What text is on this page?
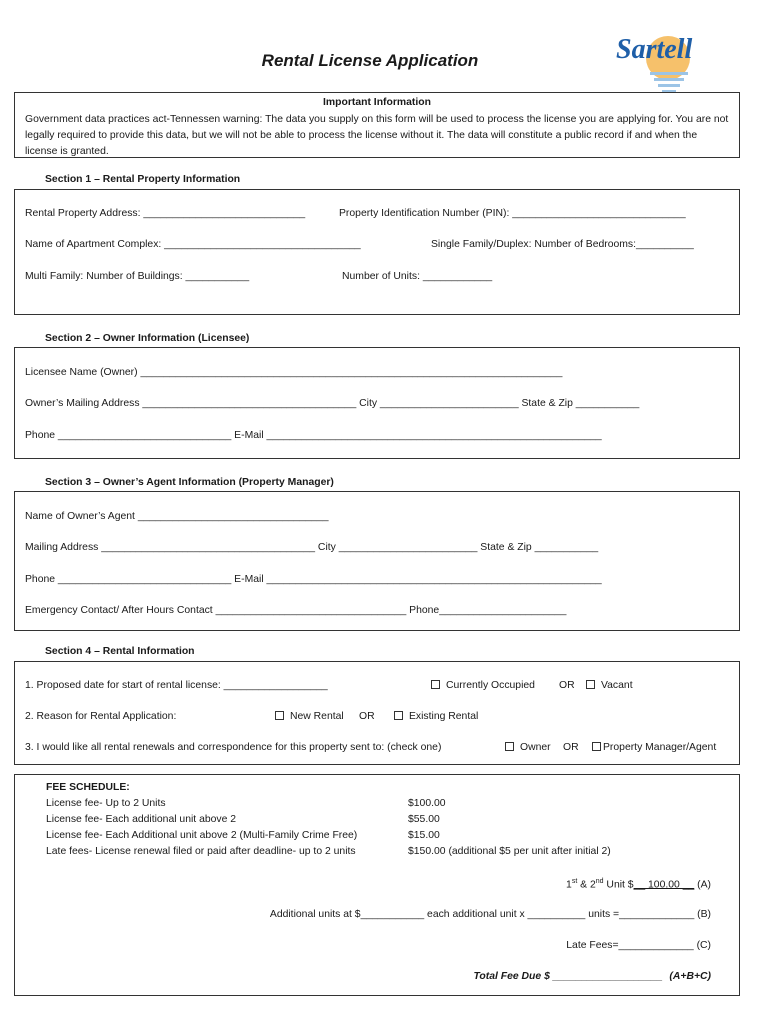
Rental License Application	Sartell
Important Information
Government data practices act-Tennessen warning: The data you supply on this form will be used to process the license you are applying for. You are not legally required to provide this data, but we will not be able to process the license without it. The data will constitute a public record if and when the license is granted.
Section 1 – Rental Property Information
Rental Property Address: ____________________________	Property Identification Number (PIN): ______________________________
Name of Apartment Complex: __________________________________	Single Family/Duplex: Number of Bedrooms:__________
Multi Family: Number of Buildings: ___________	Number of Units: ____________
Section 2 – Owner Information (Licensee)
Licensee Name (Owner) _________________________________________________________________________
Owner’s Mailing Address _____________________________________ City ________________________ State & Zip ___________
Phone ______________________________ E-Mail __________________________________________________________
Section 3 – Owner’s Agent Information (Property Manager)
Name of Owner’s Agent _________________________________
Mailing Address _____________________________________ City ________________________ State & Zip ___________
Phone ______________________________ E-Mail __________________________________________________________
Emergency Contact/ After Hours Contact _________________________________ Phone______________________
Section 4 – Rental Information
1. Proposed date for start of rental license: __________________	Currently Occupied OR	Vacant
2. Reason for Rental Application:	New Rental OR	Existing Rental
3. I would like all rental renewals and correspondence for this property sent to: (check one)	Owner OR	Property Manager/Agent
FEE SCHEDULE:
License fee- Up to 2 Units	$100.00
License fee- Each additional unit above 2	$55.00
License fee- Each Additional unit above 2 (Multi-Family Crime Free)	$15.00
Late fees- License renewal filed or paid after deadline- up to 2 units	$150.00 (additional $5 per unit after initial 2)
1st & 2nd Unit $__ 100.00 __ (A)
Additional units at $___________ each additional unit x __________ units =_____________ (B)
Late Fees=_____________ (C)
Total Fee Due $ ___________________ (A+B+C)
